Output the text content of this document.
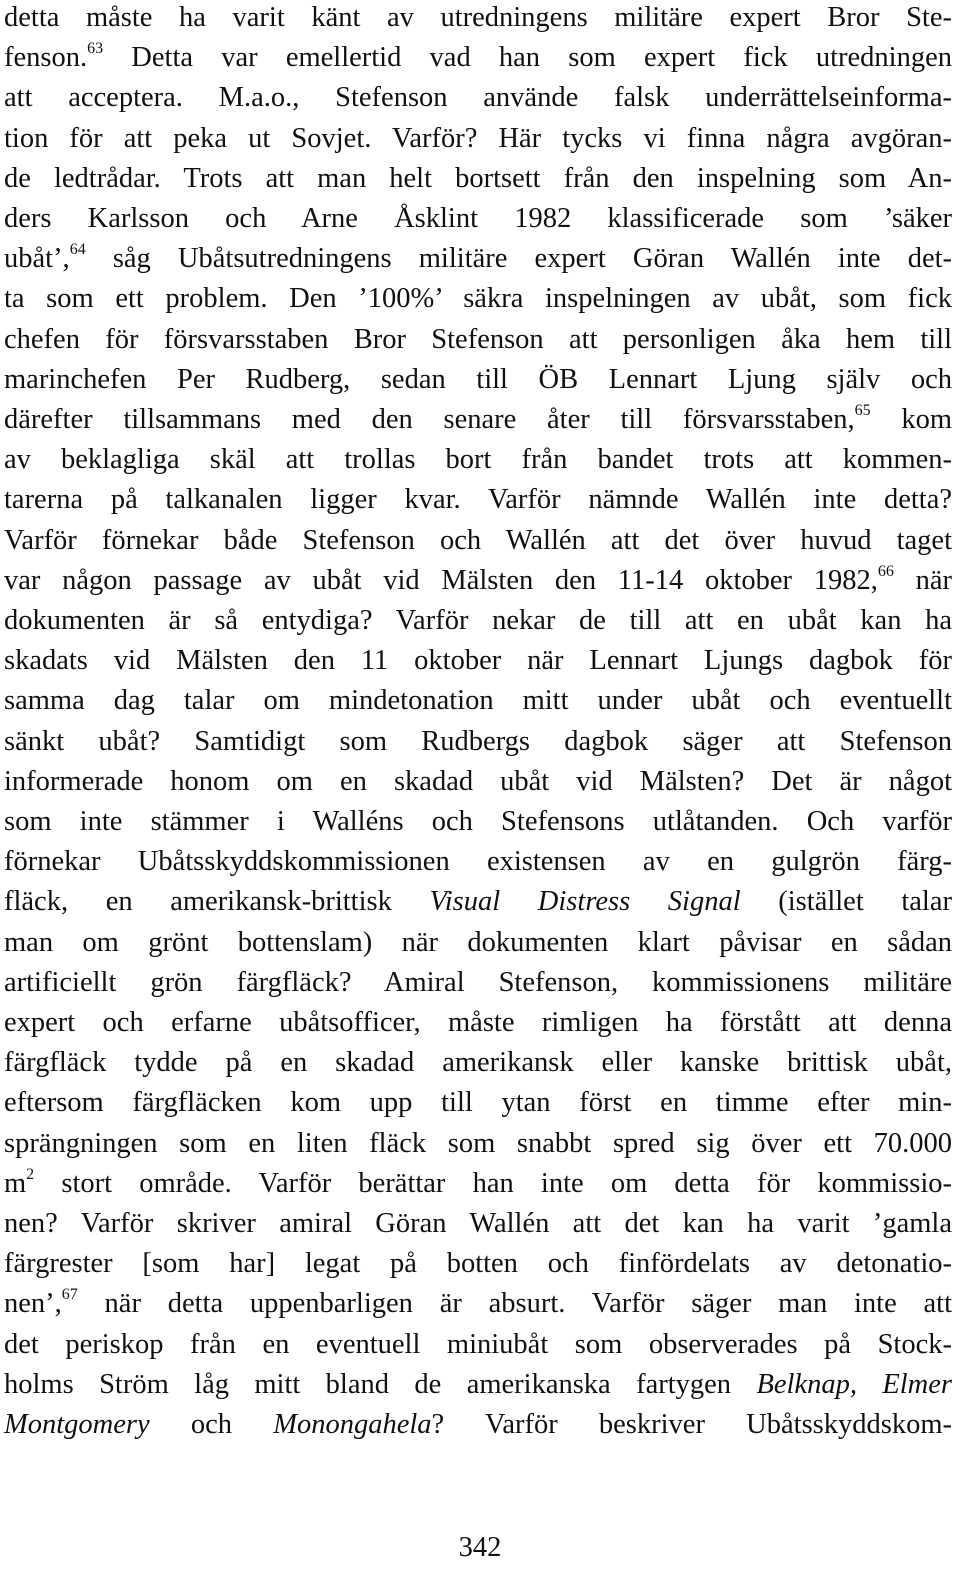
detta måste ha varit känt av utredningens militäre expert Bror Ste-
fenson.$^{63}$ Detta var emellertid vad han som expert fick utredningen
att acceptera. M.a.o., Stefenson använde falsk underrättelseinforma-
tion för att peka ut Sovjet. Varför? Här tycks vi finna några avgöran-
de ledtrådar. Trots att man helt bortsett från den inspelning som An-
ders Karlsson och Arne Åsklint 1982 klassificerade som ’säker
ubåt’,$^{64}$ såg Ubåtsutredningens militäre expert Göran Wallén inte det-
ta som ett problem. Den ’100%’ säkra inspelningen av ubåt, som fick
chefen för försvarsstaben Bror Stefenson att personligen åka hem till
marinchefen Per Rudberg, sedan till ÖB Lennart Ljung själv och
därefter tillsammans med den senare åter till försvarsstaben,$^{65}$ kom
av beklagliga skäl att trollas bort från bandet trots att kommen-
tarerna på talkanalen ligger kvar. Varför nämnde Wallén inte detta?
Varför förnekar både Stefenson och Wallén att det över huvud taget
var någon passage av ubåt vid Mälsten den 11-14 oktober 1982,66 när
dokumenten är så entydiga? Varför nekar de till att en ubåt kan ha
skadats vid Mälsten den 11 oktober när Lennart Ljungs dagbok för
samma dag talar om mindetonation mitt under ubåt och eventuellt
sänkt ubåt? Samtidigt som Rudbergs dagbok säger att Stefenson
informerade honom om en skadad ubåt vid Mälsten? Det är något
som inte stämmer i Walléns och Stefensons utlåtanden. Och varför
förnekar Ubåtsskyddskommissionen existensen av en gulgrön färg-
fläck, en amerikansk-brittisk Visual Distress Signal (istället talar
man om grönt bottenslam) när dokumenten klart påvisar en sådan
artificiellt grön färgfläck? Amiral Stefenson, kommissionens militäre
expert och erfarne ubåtsofficer, måste rimligen ha förstått att denna
färgfläck tydde på en skadad amerikansk eller kanske brittisk ubåt,
eftersom färgfläcken kom upp till ytan först en timme efter min-
sprängningen som en liten fläck som snabbt spred sig över ett 70.000
$m^2$ stort område. Varför berättar han inte om detta för kommissio-
nen? Varför skriver amiral Göran Wallén att det kan ha varit ’gamla
färgrester [som har] legat på botten och finfördelats av detonatio-
nen’,$^{67}$ när detta uppenbarligen är absurt. Varför säger man inte att
det periskop från en eventuell miniubåt som observerades på Stock-
holms Ström låg mitt bland de amerikanska fartygen Belknap, Elmer
Montgomery och Monongahela? Varför beskriver Ubåtsskyddskom-
342
